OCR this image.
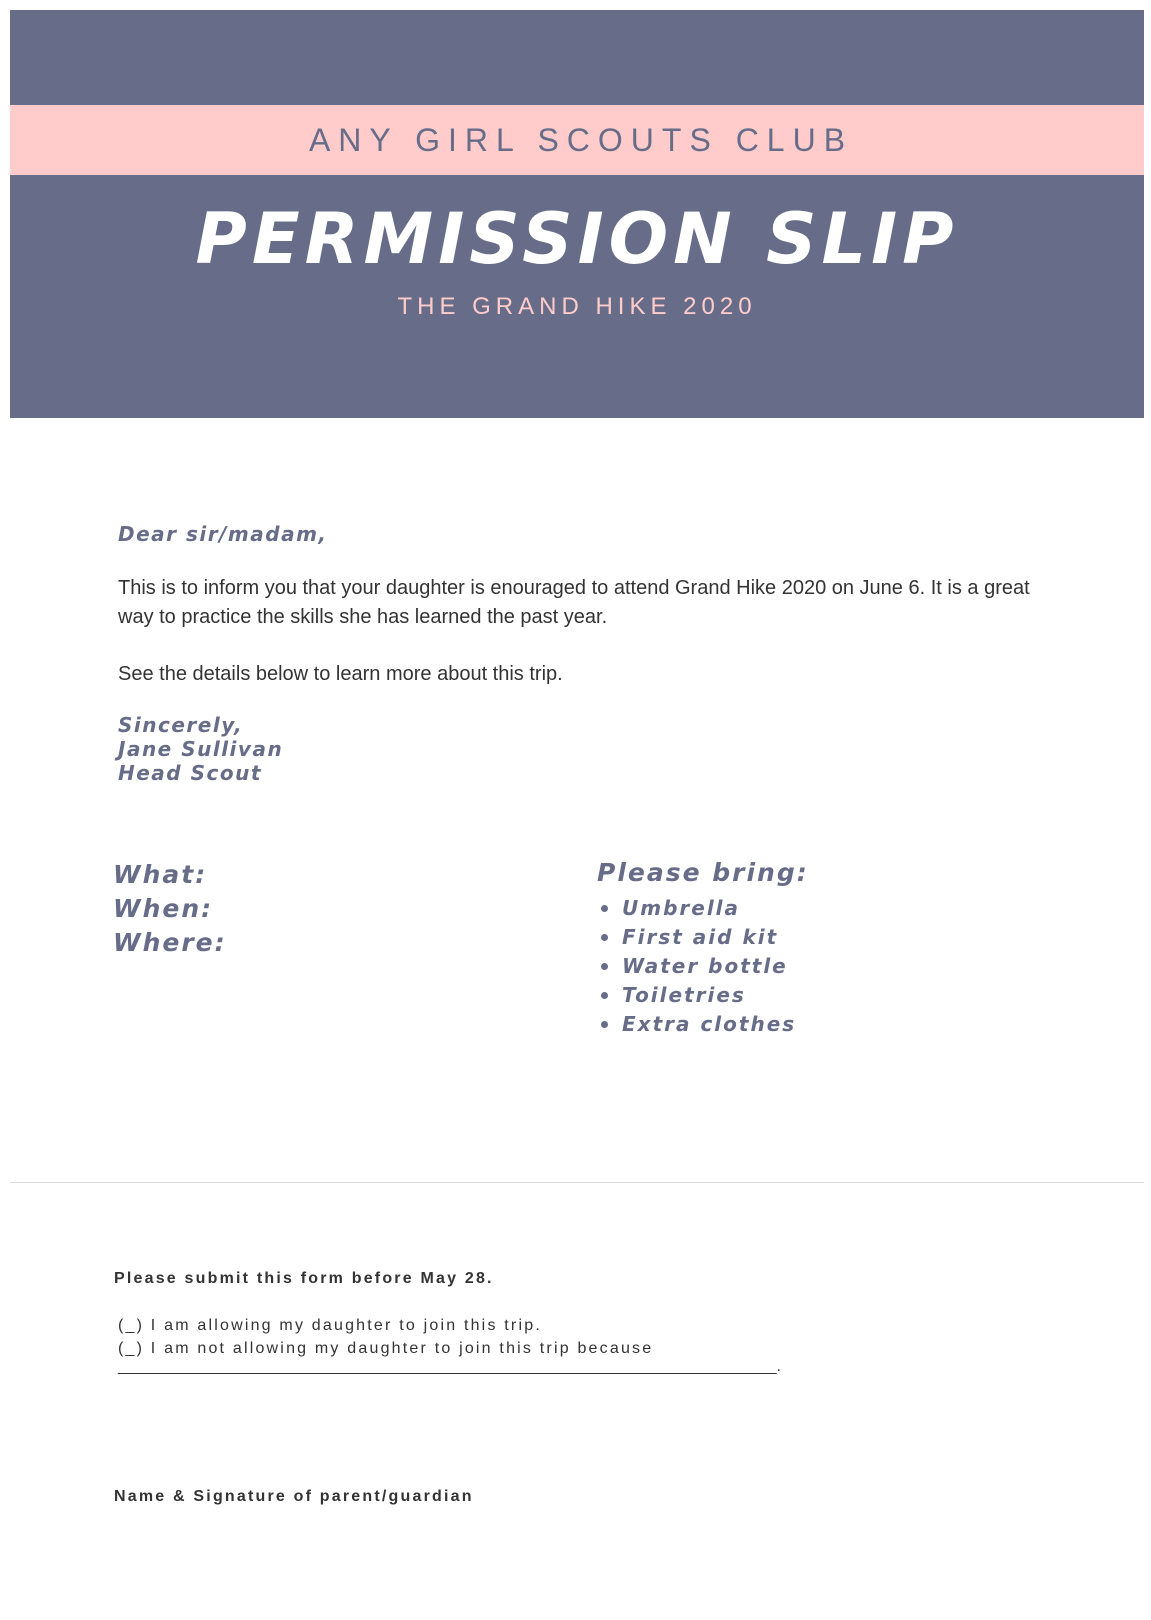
ANY GIRL SCOUTS CLUB
PERMISSION SLIP
THE GRAND HIKE 2020
Dear sir/madam,
This is to inform you that your daughter is enouraged to attend Grand Hike 2020 on June 6. It is a great way to practice the skills she has learned the past year.
See the details below to learn more about this trip.
Sincerely,
Jane Sullivan
Head Scout
What:
When:
Where:
Please bring:
Umbrella
First aid kit
Water bottle
Toiletries
Extra clothes
Please submit this form before May 28.
(_) I am allowing my daughter to join this trip.
(_) I am not allowing my daughter to join this trip because
__________________________________________________________________________.
Name & Signature of parent/guardian
